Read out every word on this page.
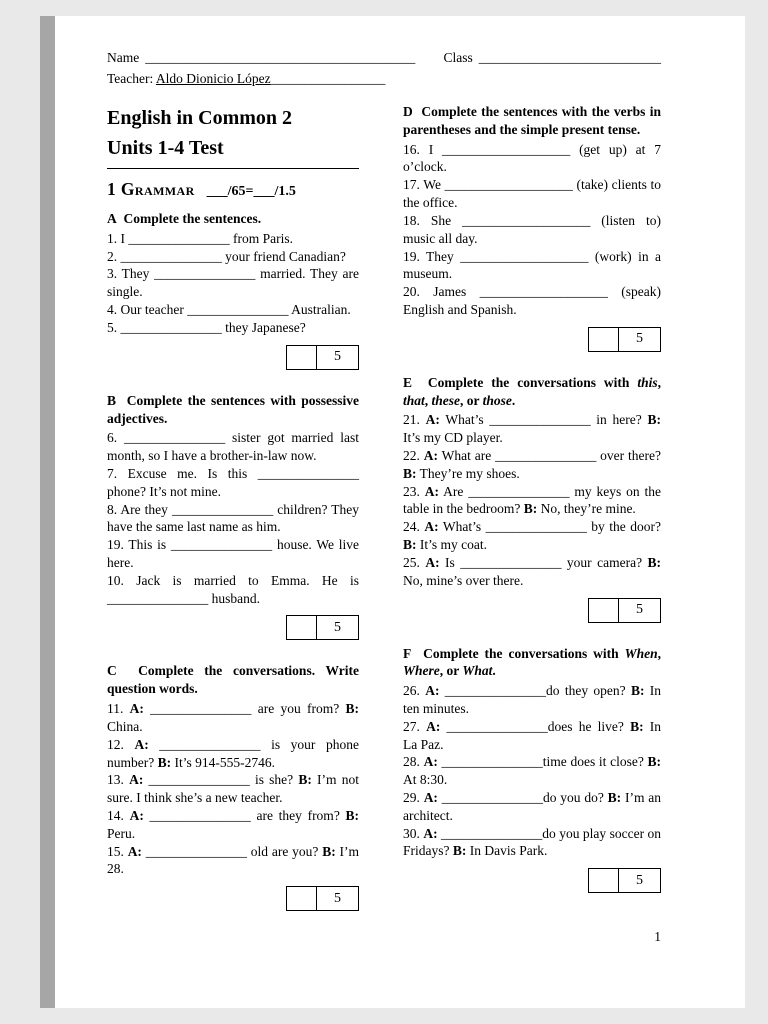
Name ________________________________________ Class ___________________________
Teacher: Aldo Dionicio López_________________
English in Common 2
Units 1-4 Test
1 Grammar ___/65=___/1.5

A  Complete the sentences.

1. I _______________ from Paris.

2. _______________ your friend Canadian?

3. They _______________ married. They are single.

4. Our teacher _______________ Australian.

5. _______________ they Japanese?

5

B  Complete the sentences with possessive adjectives.

6. _______________ sister got married last month, so I have a brother-in-law now.

7. Excuse me. Is this _______________ phone? It’s not mine.

8. Are they _______________ children? They have the same last name as him.

19. This is _______________ house. We live here.

10. Jack is married to Emma. He is _______________ husband.

5

C  Complete the conversations. Write question words.

11. A: _______________ are you from? B: China.

12. A: _______________ is your phone number? B: It’s 914-555-2746.

13. A: _______________ is she? B: I’m not sure. I think she’s a new teacher.

14. A: _______________ are they from? B: Peru.

15. A: _______________ old are you? B: I’m 28.

5

D  Complete the sentences with the verbs in parentheses and the simple present tense.

16. I ___________________ (get up) at 7 o’clock.

17. We ___________________ (take) clients to the office.

18. She ___________________ (listen to) music all day.

19. They ___________________ (work) in a museum.

20. James ___________________ (speak) English and Spanish.

5

E  Complete the conversations with this, that, these, or those.

21. A: What’s _______________ in here? B: It’s my CD player.

22. A: What are _______________ over there? B: They’re my shoes.

23. A: Are _______________ my keys on the table in the bedroom? B: No, they’re mine.

24. A: What’s _______________ by the door? B: It’s my coat.

25. A: Is _______________ your camera? B: No, mine’s over there.

5

F  Complete the conversations with When, Where, or What.

26. A: _______________do they open? B: In ten minutes.

27. A: _______________does he live? B: In La Paz.

28. A: _______________time does it close? B: At 8:30.

29. A: _______________do you do? B: I’m an architect.

30. A: _______________do you play soccer on Fridays? B: In Davis Park.

5
1
